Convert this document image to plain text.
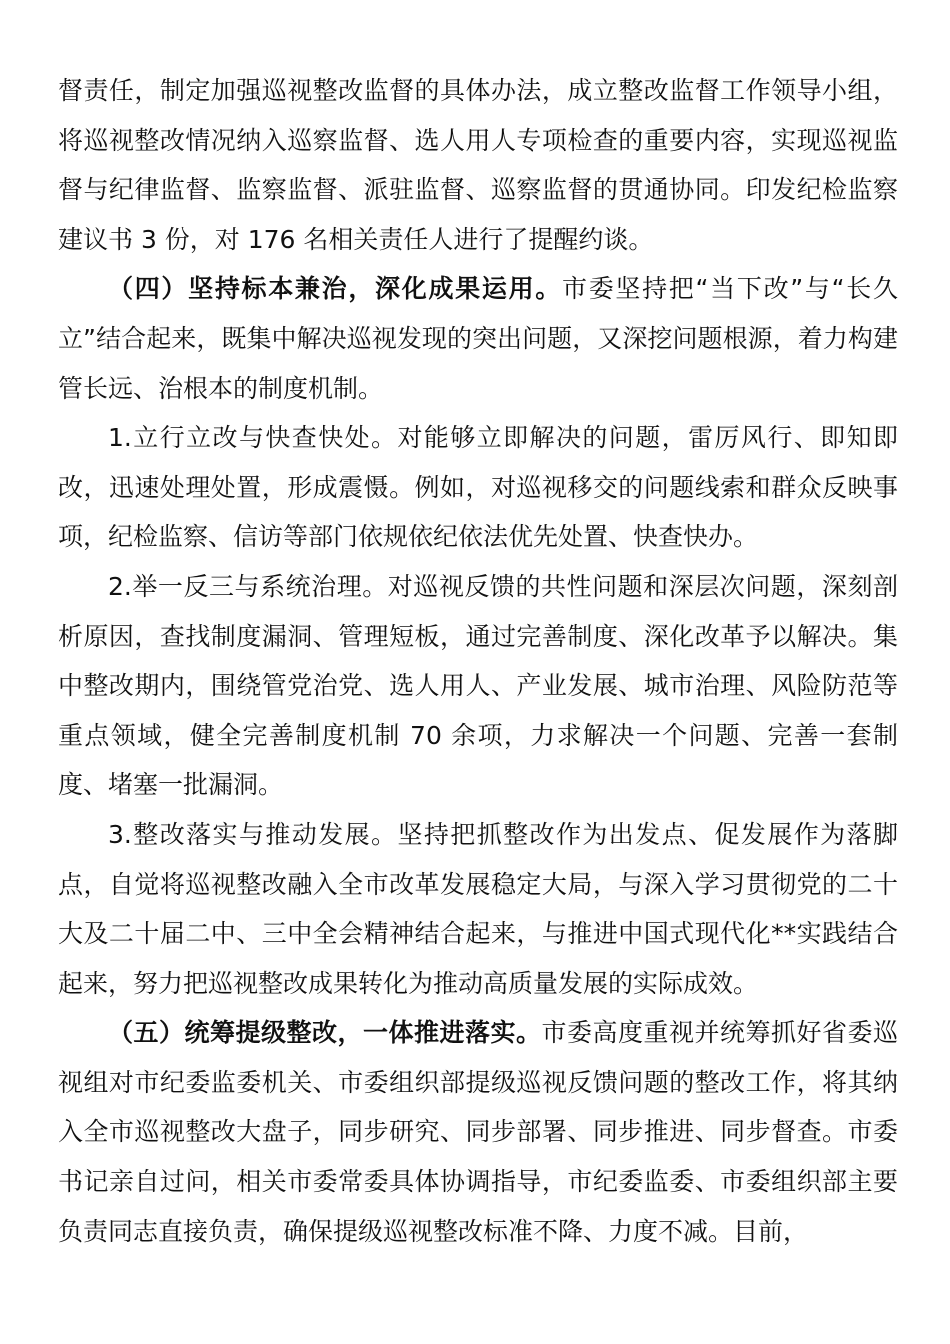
督责任，制定加强巡视整改监督的具体办法，成立整改监督工作领导小组，将巡视整改情况纳入巡察监督、选人用人专项检查的重要内容，实现巡视监督与纪律监督、监察监督、派驻监督、巡察监督的贯通协同。印发纪检监察建议书 3 份，对 176 名相关责任人进行了提醒约谈。

（四）坚持标本兼治，深化成果运用。市委坚持把“当下改”与“长久立”结合起来，既集中解决巡视发现的突出问题，又深挖问题根源，着力构建管长远、治根本的制度机制。

1.立行立改与快查快处。对能够立即解决的问题，雷厉风行、即知即改，迅速处理处置，形成震慑。例如，对巡视移交的问题线索和群众反映事项，纪检监察、信访等部门依规依纪依法优先处置、快查快办。

2.举一反三与系统治理。对巡视反馈的共性问题和深层次问题，深刻剖析原因，查找制度漏洞、管理短板，通过完善制度、深化改革予以解决。集中整改期内，围绕管党治党、选人用人、产业发展、城市治理、风险防范等重点领域，健全完善制度机制 70 余项，力求解决一个问题、完善一套制度、堵塞一批漏洞。

3.整改落实与推动发展。坚持把抓整改作为出发点、促发展作为落脚点，自觉将巡视整改融入全市改革发展稳定大局，与深入学习贯彻党的二十大及二十届二中、三中全会精神结合起来，与推进中国式现代化**实践结合起来，努力把巡视整改成果转化为推动高质量发展的实际成效。

（五）统筹提级整改，一体推进落实。市委高度重视并统筹抓好省委巡视组对市纪委监委机关、市委组织部提级巡视反馈问题的整改工作，将其纳入全市巡视整改大盘子，同步研究、同步部署、同步推进、同步督查。市委书记亲自过问，相关市委常委具体协调指导，市纪委监委、市委组织部主要负责同志直接负责，确保提级巡视整改标准不降、力度不减。目前，
